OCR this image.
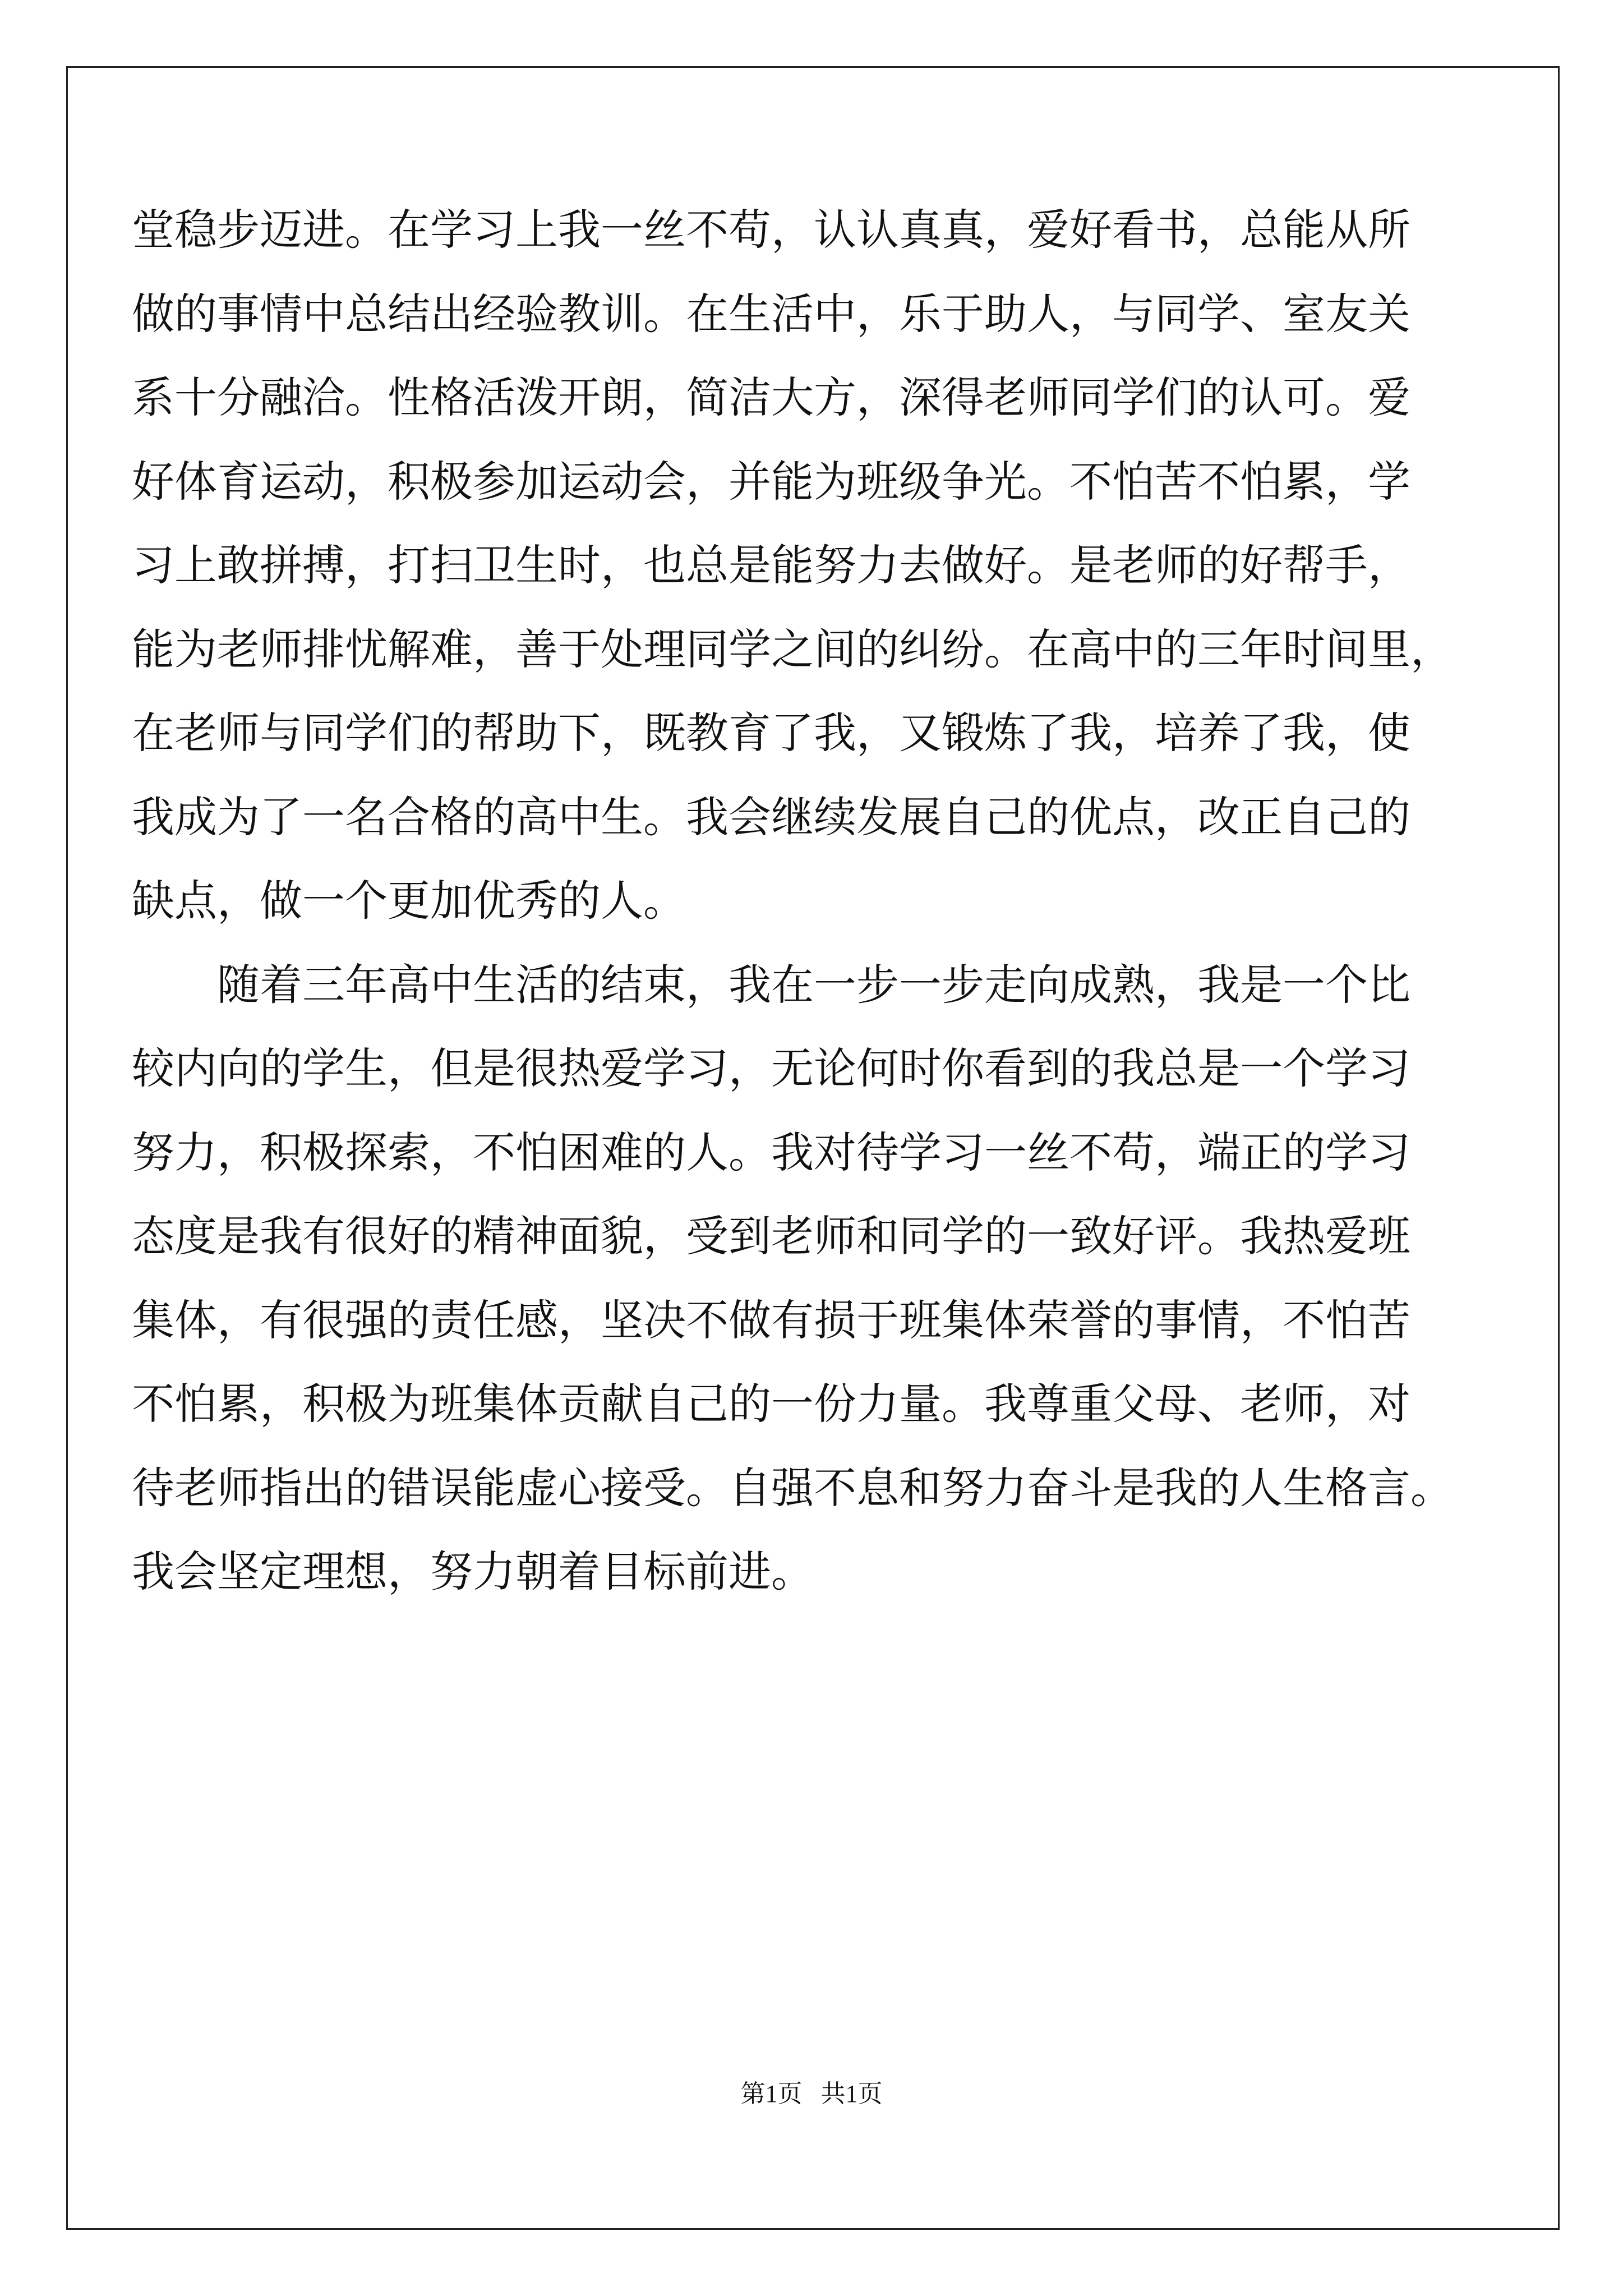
堂稳步迈进。在学习上我一丝不苟，认认真真，爱好看书，总能从所
做的事情中总结出经验教训。在生活中，乐于助人，与同学、室友关
系十分融洽。性格活泼开朗，简洁大方，深得老师同学们的认可。爱
好体育运动，积极参加运动会，并能为班级争光。不怕苦不怕累，学
习上敢拼搏，打扫卫生时，也总是能努力去做好。是老师的好帮手，
能为老师排忧解难，善于处理同学之间的纠纷。在高中的三年时间里，
在老师与同学们的帮助下，既教育了我，又锻炼了我，培养了我，使
我成为了一名合格的高中生。我会继续发展自己的优点，改正自己的
缺点，做一个更加优秀的人。
随着三年高中生活的结束，我在一步一步走向成熟，我是一个比
较内向的学生，但是很热爱学习，无论何时你看到的我总是一个学习
努力，积极探索，不怕困难的人。我对待学习一丝不苟，端正的学习
态度是我有很好的精神面貌，受到老师和同学的一致好评。我热爱班
集体，有很强的责任感，坚决不做有损于班集体荣誉的事情，不怕苦
不怕累，积极为班集体贡献自己的一份力量。我尊重父母、老师，对
待老师指出的错误能虚心接受。自强不息和努力奋斗是我的人生格言。
我会坚定理想，努力朝着目标前进。
第1页   共1页
